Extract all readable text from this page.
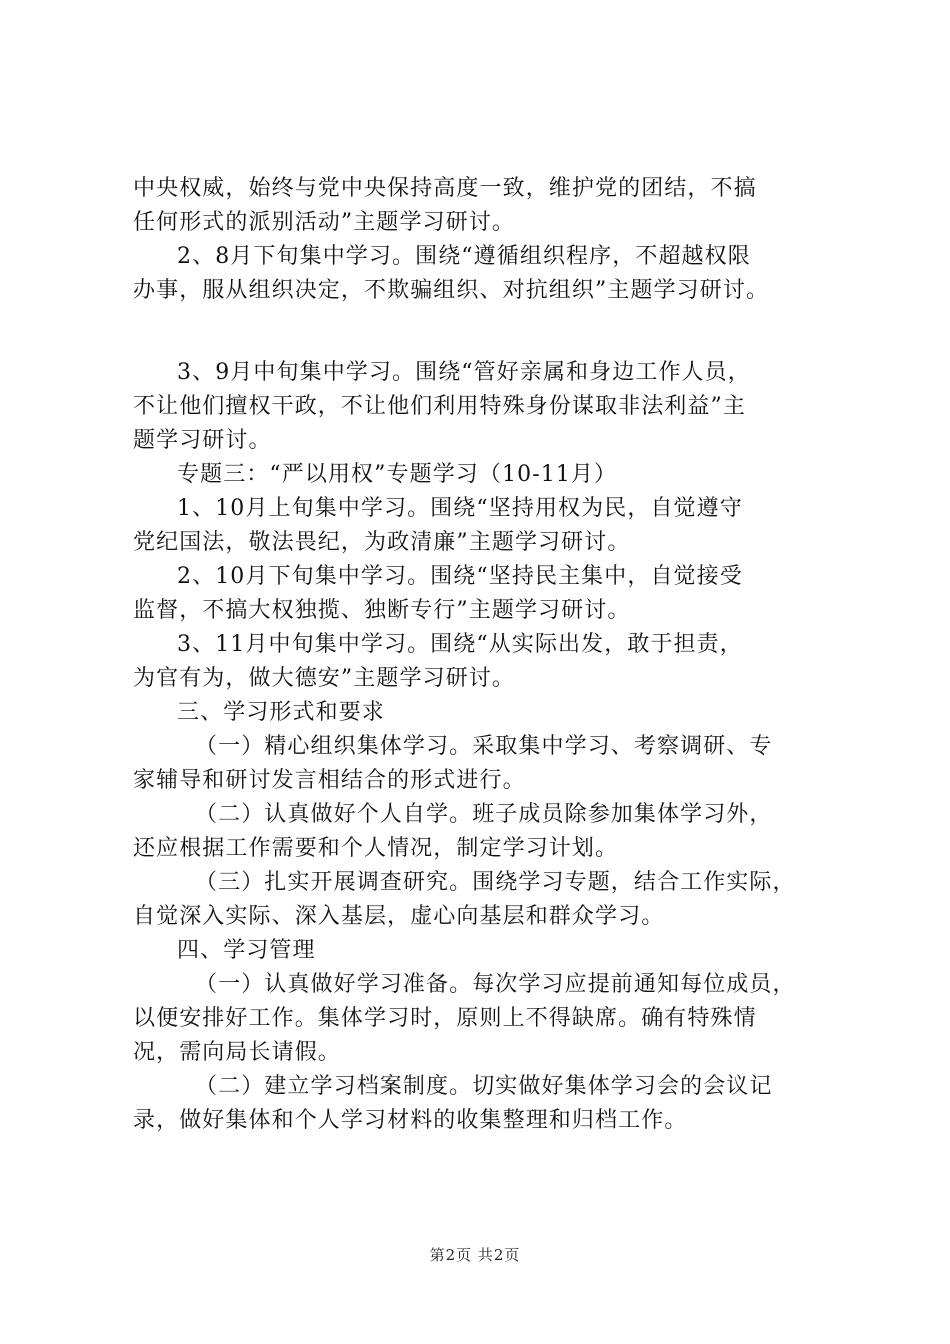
中央权威，始终与党中央保持高度一致，维护党的团结，不搞
任何形式的派别活动”主题学习研讨。
2、8月下旬集中学习。围绕“遵循组织程序，不超越权限
办事，服从组织决定，不欺骗组织、对抗组织”主题学习研讨。
3、9月中旬集中学习。围绕“管好亲属和身边工作人员，
不让他们擅权干政，不让他们利用特殊身份谋取非法利益”主
题学习研讨。
专题三：“严以用权”专题学习（10-11月）
1、10月上旬集中学习。围绕“坚持用权为民，自觉遵守
党纪国法，敬法畏纪，为政清廉”主题学习研讨。
2、10月下旬集中学习。围绕“坚持民主集中，自觉接受
监督，不搞大权独揽、独断专行”主题学习研讨。
3、11月中旬集中学习。围绕“从实际出发，敢于担责，
为官有为，做大德安”主题学习研讨。
三、学习形式和要求
（一）精心组织集体学习。采取集中学习、考察调研、专
家辅导和研讨发言相结合的形式进行。
（二）认真做好个人自学。班子成员除参加集体学习外，
还应根据工作需要和个人情况，制定学习计划。
（三）扎实开展调查研究。围绕学习专题，结合工作实际，
自觉深入实际、深入基层，虚心向基层和群众学习。
四、学习管理
（一）认真做好学习准备。每次学习应提前通知每位成员，
以便安排好工作。集体学习时，原则上不得缺席。确有特殊情
况，需向局长请假。
（二）建立学习档案制度。切实做好集体学习会的会议记
录，做好集体和个人学习材料的收集整理和归档工作。
第2页 共2页
